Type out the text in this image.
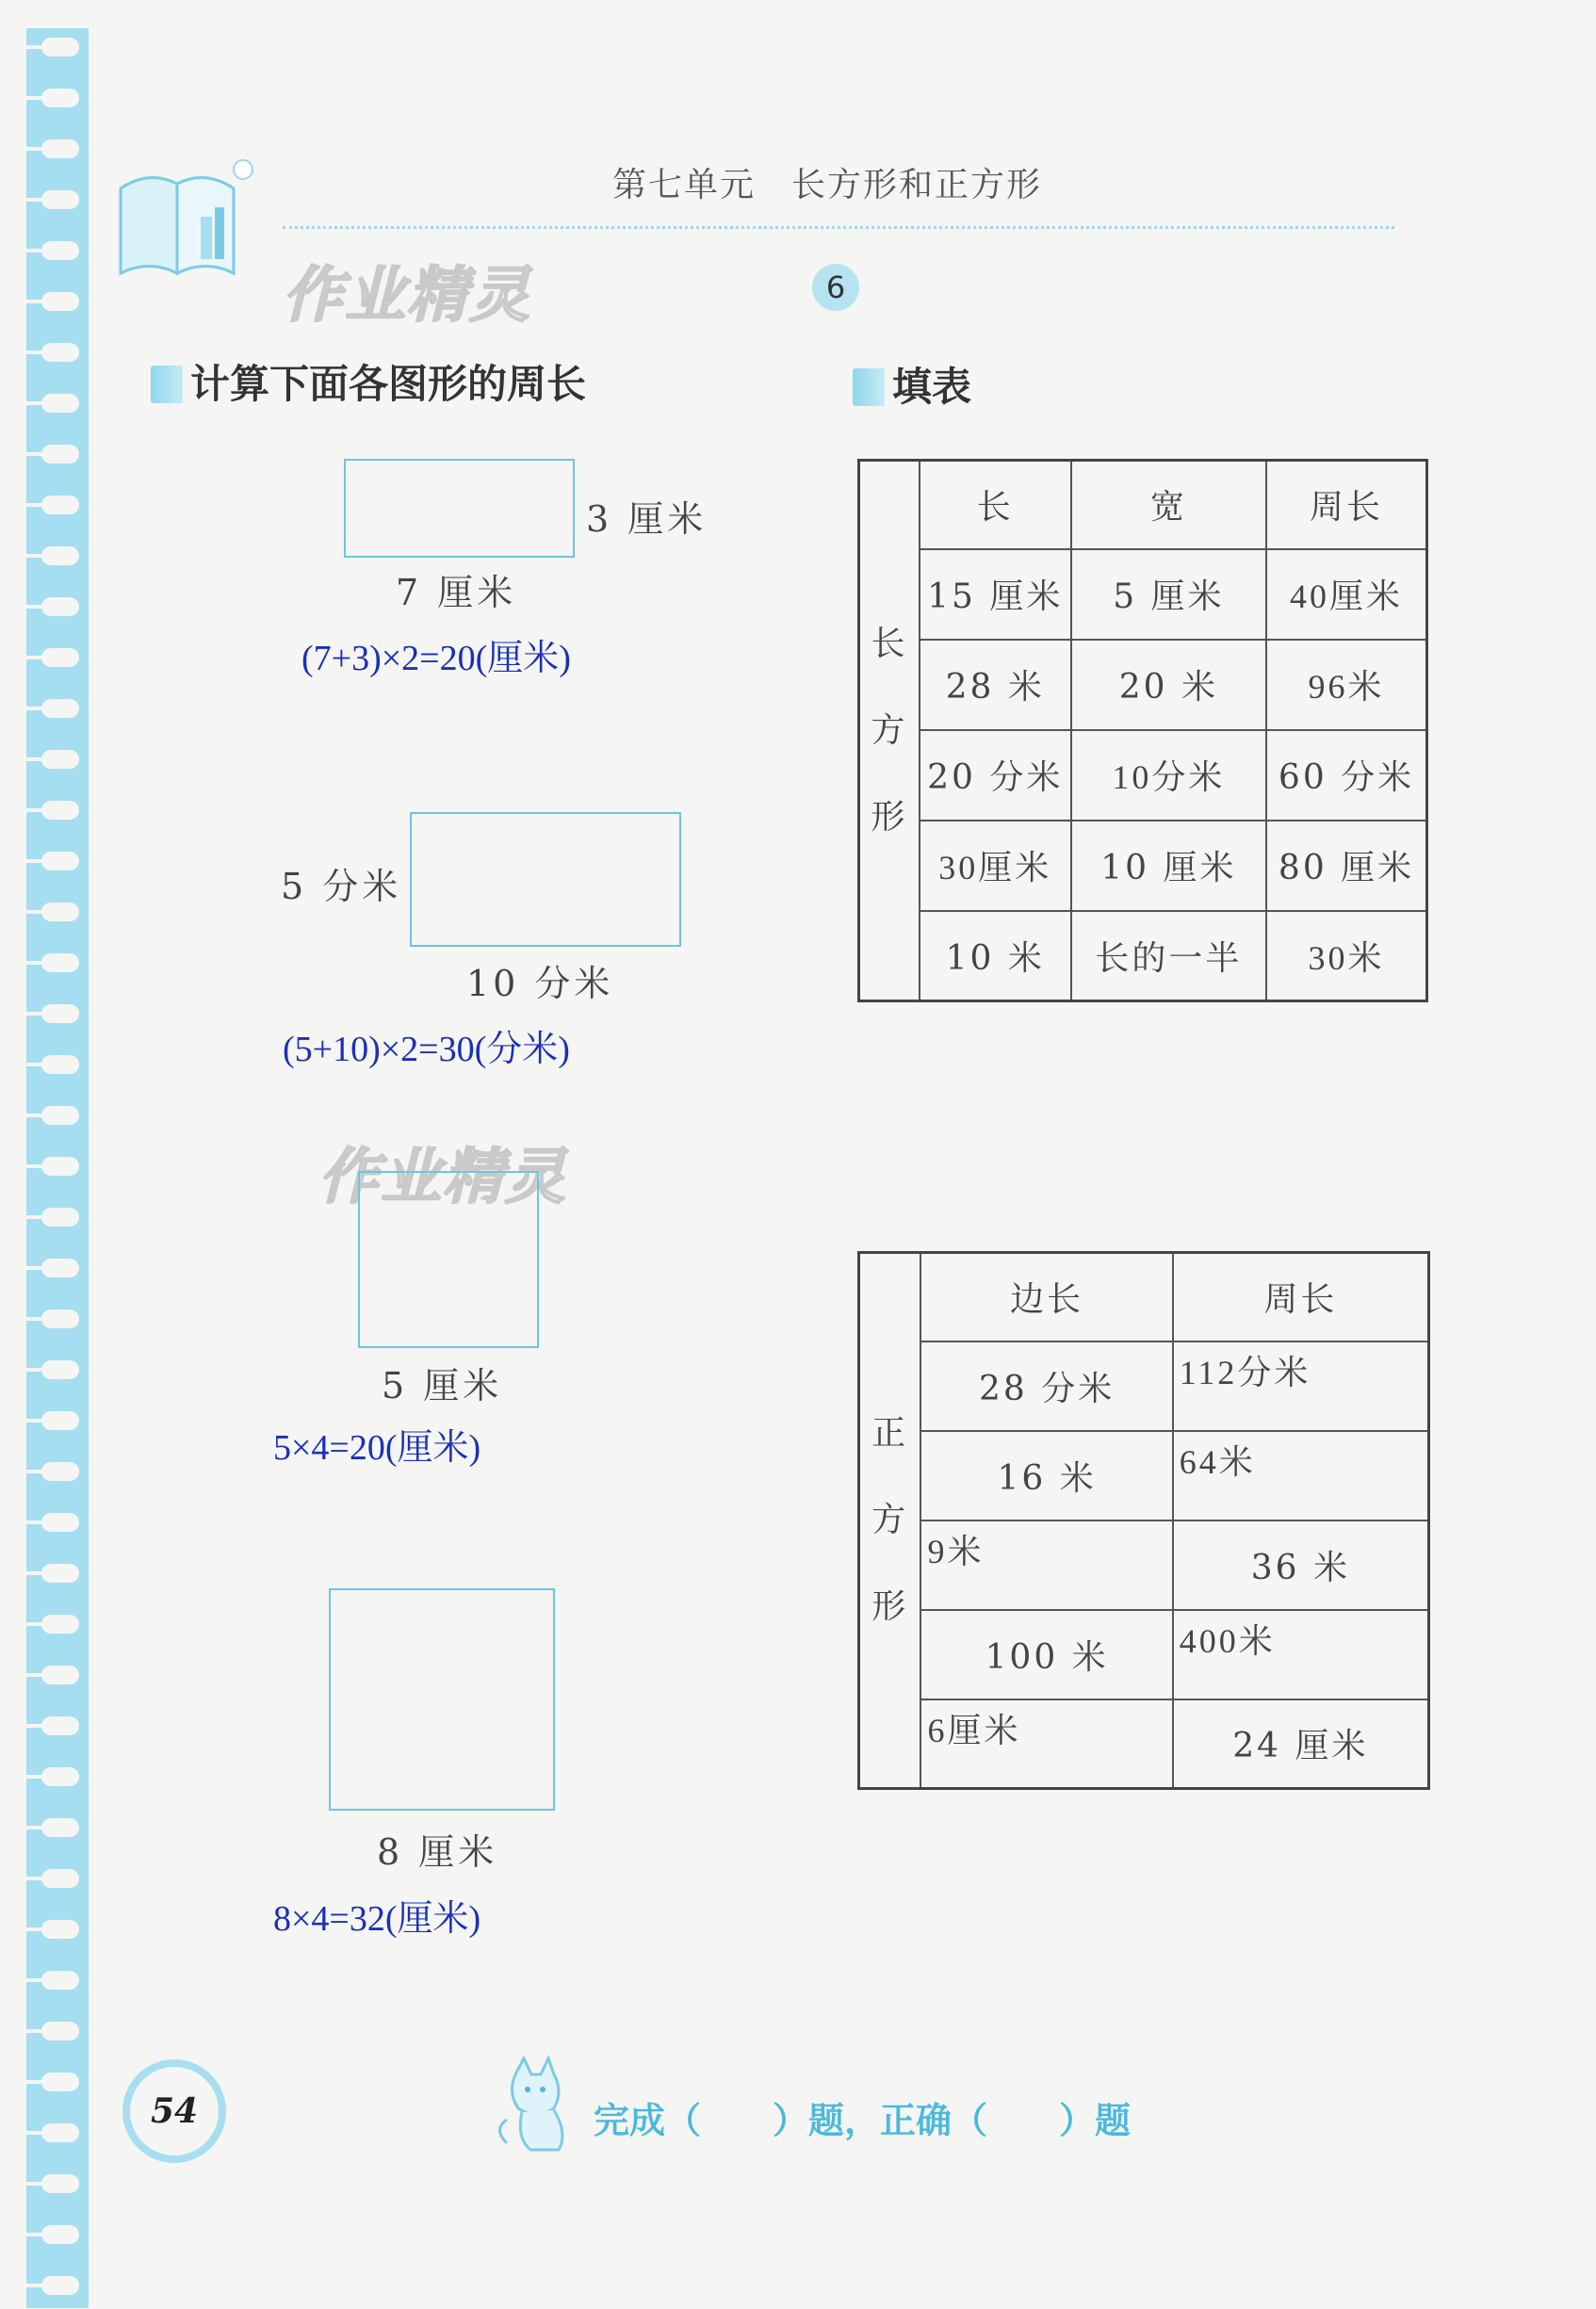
第七单元　长方形和正方形
作业精灵	6
计算下面各图形的周长
3 厘米
7 厘米
(7+3)×2=20(厘米)
5 分米
10 分米
(5+10)×2=30(分米)
作业精灵
5 厘米
5×4=20(厘米)
8 厘米
8×4=32(厘米)
填表
长
方
形	长	宽	周长
	15 厘米	5 厘米	40厘米
	28 米	20 米	96米
	20 分米	10分米	60 分米
	30厘米	10 厘米	80 厘米
	10 米	长的一半	30米
正
方
形	边长	周长
	28 分米	112分米
	16 米	64米
	9米	36 米
	100 米	400米
	6厘米	24 厘米
54	完成（　　）题，正确（　　）题
